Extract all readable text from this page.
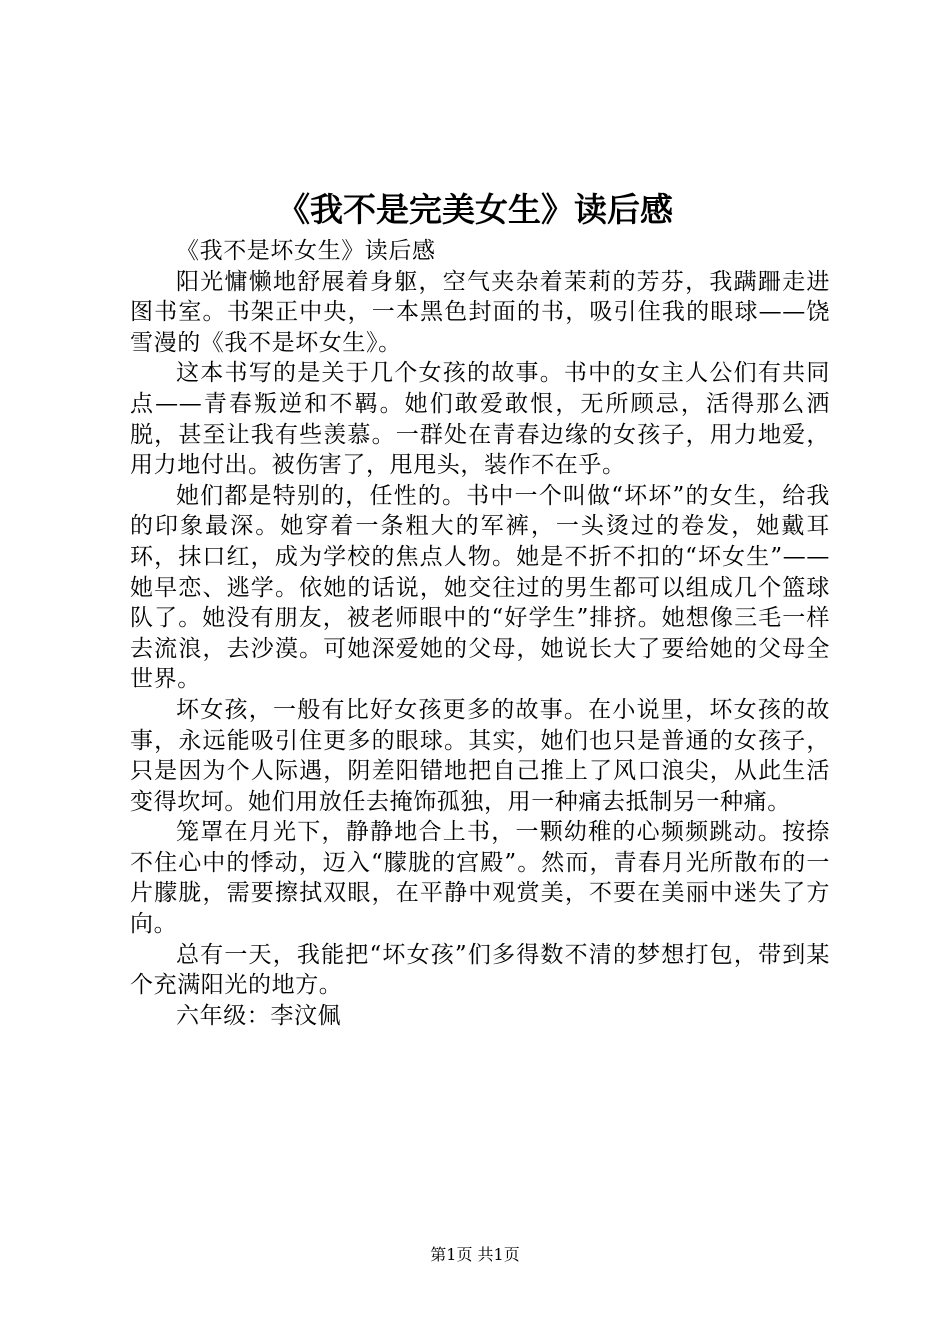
《我不是完美女生》读后感

《我不是坏女生》读后感

阳光慵懒地舒展着身躯，空气夹杂着茉莉的芳芬，我蹒跚走进图书室。书架正中央，一本黑色封面的书，吸引住我的眼球——饶雪漫的《我不是坏女生》。

这本书写的是关于几个女孩的故事。书中的女主人公们有共同点——青春叛逆和不羁。她们敢爱敢恨，无所顾忌，活得那么洒脱，甚至让我有些羡慕。一群处在青春边缘的女孩子，用力地爱，用力地付出。被伤害了，甩甩头，装作不在乎。

她们都是特别的，任性的。书中一个叫做“坏坏”的女生，给我的印象最深。她穿着一条粗大的军裤，一头烫过的卷发，她戴耳环，抹口红，成为学校的焦点人物。她是不折不扣的“坏女生”——她早恋、逃学。依她的话说，她交往过的男生都可以组成几个篮球队了。她没有朋友，被老师眼中的“好学生”排挤。她想像三毛一样去流浪，去沙漠。可她深爱她的父母，她说长大了要给她的父母全世界。

坏女孩，一般有比好女孩更多的故事。在小说里，坏女孩的故事，永远能吸引住更多的眼球。其实，她们也只是普通的女孩子，只是因为个人际遇，阴差阳错地把自己推上了风口浪尖，从此生活变得坎坷。她们用放任去掩饰孤独，用一种痛去抵制另一种痛。

笼罩在月光下，静静地合上书，一颗幼稚的心频频跳动。按捺不住心中的悸动，迈入“朦胧的宫殿”。然而，青春月光所散布的一片朦胧，需要擦拭双眼，在平静中观赏美，不要在美丽中迷失了方向。

总有一天，我能把“坏女孩”们多得数不清的梦想打包，带到某个充满阳光的地方。

六年级：李汶佩

第1页 共1页
